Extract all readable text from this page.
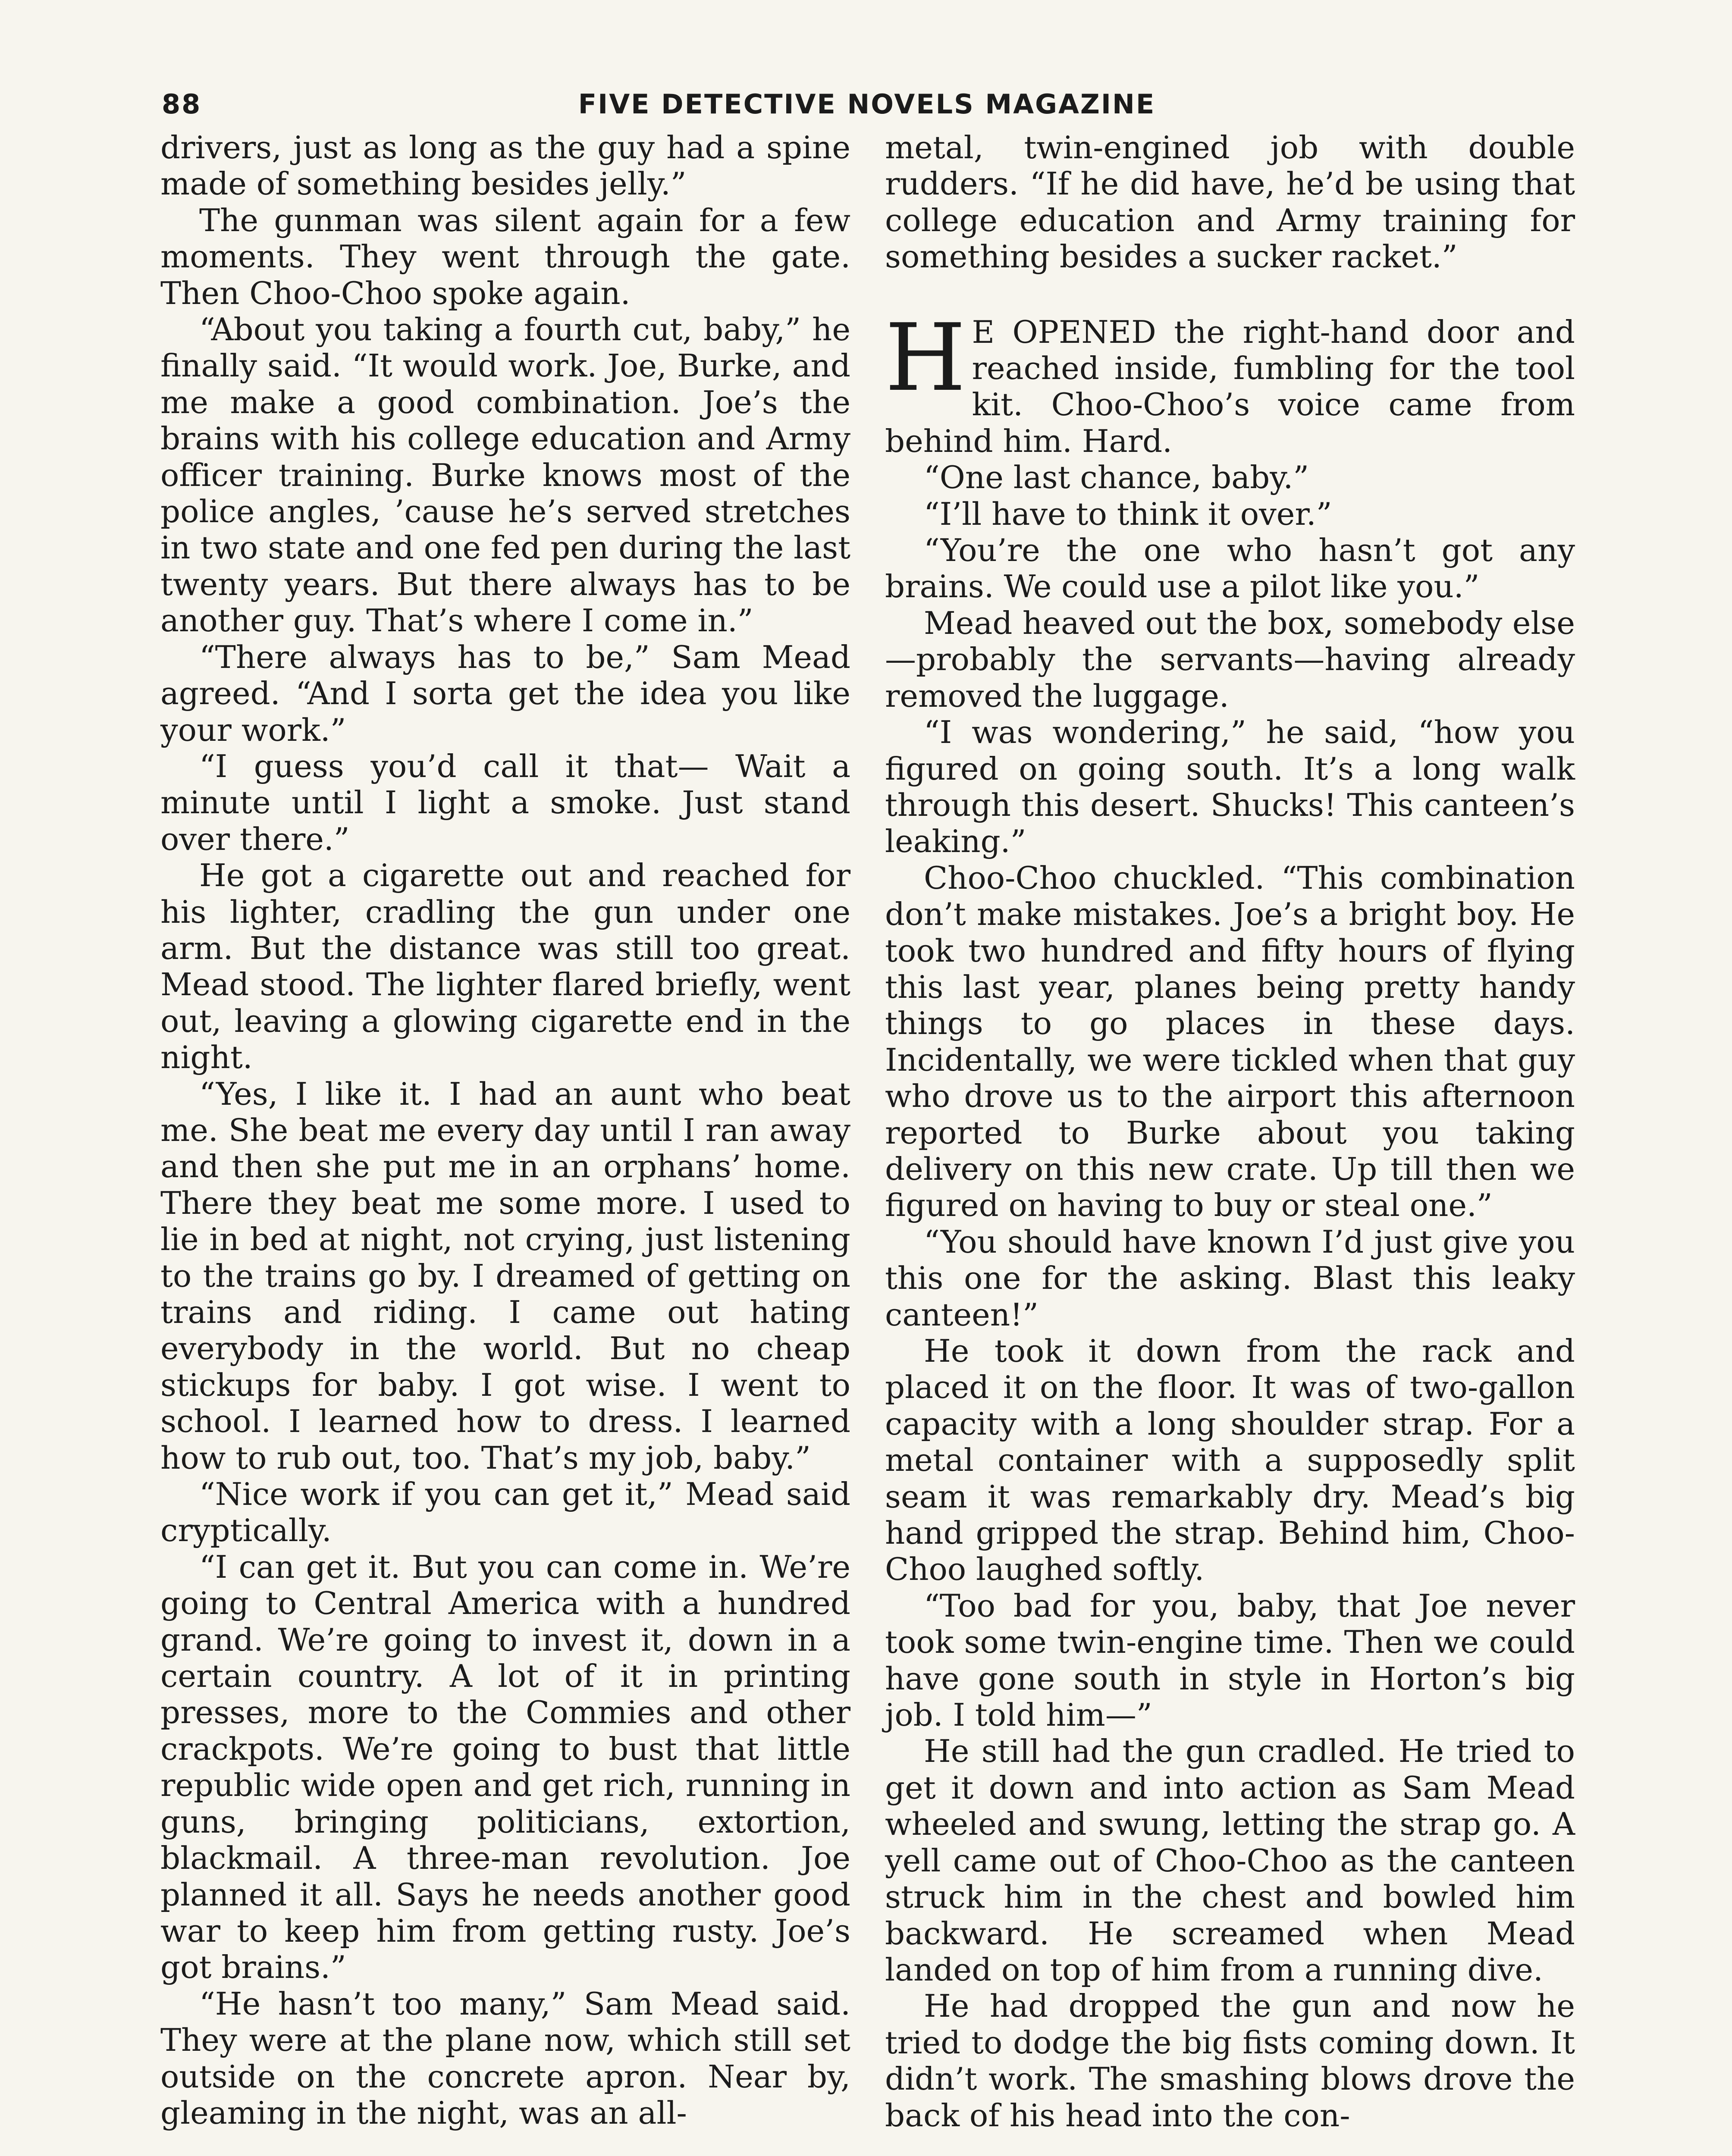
88	FIVE DETECTIVE NOVELS MAGAZINE

drivers, just as long as the guy had a spine made of something besides jelly.”

The gunman was silent again for a few moments. They went through the gate. Then Choo-Choo spoke again.

“About you taking a fourth cut, baby,” he finally said. “It would work. Joe, Burke, and me make a good combination. Joe’s the brains with his college education and Army officer training. Burke knows most of the police angles, ’cause he’s served stretches in two state and one fed pen during the last twenty years. But there always has to be another guy. That’s where I come in.”

“There always has to be,” Sam Mead agreed. “And I sorta get the idea you like your work.”

“I guess you’d call it that— Wait a minute until I light a smoke. Just stand over there.”

He got a cigarette out and reached for his lighter, cradling the gun under one arm. But the distance was still too great. Mead stood. The lighter flared briefly, went out, leaving a glowing cigarette end in the night.

“Yes, I like it. I had an aunt who beat me. She beat me every day until I ran away and then she put me in an orphans’ home. There they beat me some more. I used to lie in bed at night, not crying, just listening to the trains go by. I dreamed of getting on trains and riding. I came out hating everybody in the world. But no cheap stickups for baby. I got wise. I went to school. I learned how to dress. I learned how to rub out, too. That’s my job, baby.”

“Nice work if you can get it,” Mead said cryptically.

“I can get it. But you can come in. We’re going to Central America with a hundred grand. We’re going to invest it, down in a certain country. A lot of it in printing presses, more to the Commies and other crackpots. We’re going to bust that little republic wide open and get rich, running in guns, bringing politicians, extortion, blackmail. A three-man revolution. Joe planned it all. Says he needs another good war to keep him from getting rusty. Joe’s got brains.”

“He hasn’t too many,” Sam Mead said. They were at the plane now, which still set outside on the concrete apron. Near by, gleaming in the night, was an all-

metal, twin-engined job with double rudders. “If he did have, he’d be using that college education and Army training for something besides a sucker racket.”

H E OPENED the right-hand door and reached inside, fumbling for the tool kit. Choo-Choo’s voice came from behind him. Hard.

“One last chance, baby.”

“I’ll have to think it over.”

“You’re the one who hasn’t got any brains. We could use a pilot like you.”

Mead heaved out the box, somebody else—probably the servants—having already removed the luggage.

“I was wondering,” he said, “how you figured on going south. It’s a long walk through this desert. Shucks! This canteen’s leaking.”

Choo-Choo chuckled. “This combination don’t make mistakes. Joe’s a bright boy. He took two hundred and fifty hours of flying this last year, planes being pretty handy things to go places in these days. Incidentally, we were tickled when that guy who drove us to the airport this afternoon reported to Burke about you taking delivery on this new crate. Up till then we figured on having to buy or steal one.”

“You should have known I’d just give you this one for the asking. Blast this leaky canteen!”

He took it down from the rack and placed it on the floor. It was of two-gallon capacity with a long shoulder strap. For a metal container with a supposedly split seam it was remarkably dry. Mead’s big hand gripped the strap. Behind him, Choo-Choo laughed softly.

“Too bad for you, baby, that Joe never took some twin-engine time. Then we could have gone south in style in Horton’s big job. I told him—”

He still had the gun cradled. He tried to get it down and into action as Sam Mead wheeled and swung, letting the strap go. A yell came out of Choo-Choo as the canteen struck him in the chest and bowled him backward. He screamed when Mead landed on top of him from a running dive.

He had dropped the gun and now he tried to dodge the big fists coming down. It didn’t work. The smashing blows drove the back of his head into the con-
